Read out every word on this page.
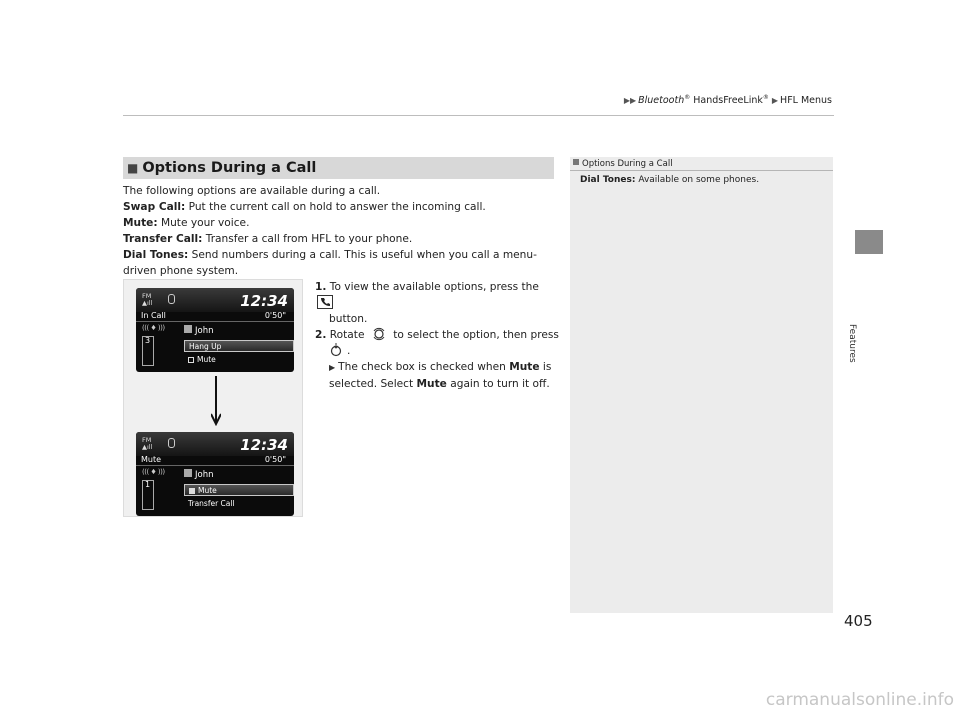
▶▶ Bluetooth® HandsFreeLink® ▶ HFL Menus
Features
■ Options During a Call
The following options are available during a call.
Swap Call: Put the current call on hold to answer the incoming call.
Mute: Mute your voice.
Transfer Call: Transfer a call from HFL to your phone.
Dial Tones: Send numbers during a call. This is useful when you call a menu-driven phone system.
1. To view the available options, press the
button.
2. Rotate	to select the option, then press
.
▶ The check box is checked when Mute is selected. Select Mute again to turn it off.
FM
▲ıll	12:34
In Call	0'50"
((( ♦ )))	John
3
Hang Up
Mute
FM
▲ıll	12:34
Mute	0'50"
((( ♦ )))	John
1
Mute
Transfer Call
Options During a Call
Dial Tones: Available on some phones.
405
carmanualsonline.info
